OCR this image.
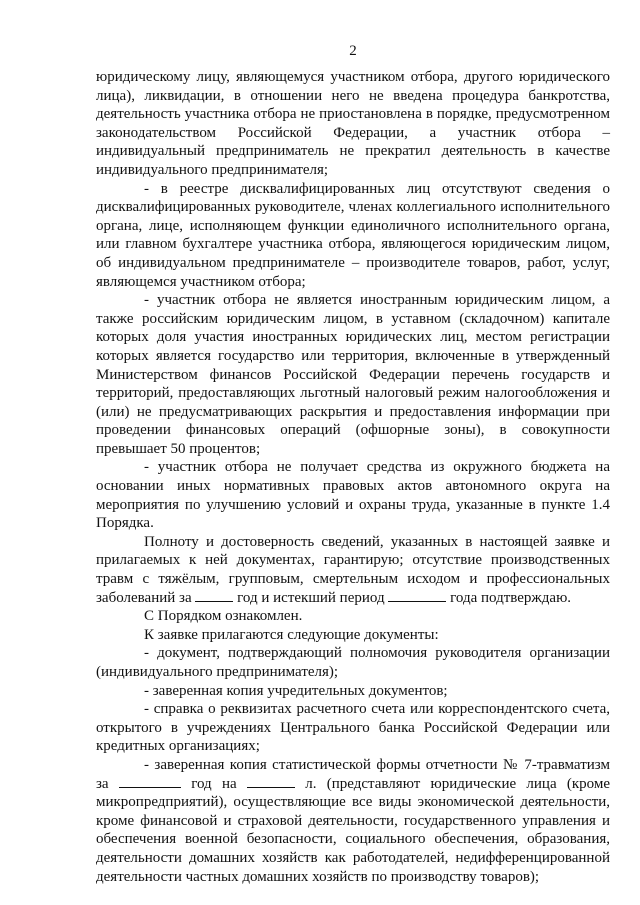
2

юридическому лицу, являющемуся участником отбора, другого юридического лица), ликвидации, в отношении него не введена процедура банкротства, деятельность участника отбора не приостановлена в порядке, предусмотренном законодательством Российской Федерации, а участник отбора – индивидуальный предприниматель не прекратил деятельность в качестве индивидуального предпринимателя;

- в реестре дисквалифицированных лиц отсутствуют сведения о дисквалифицированных руководителе, членах коллегиального исполнительного органа, лице, исполняющем функции единоличного исполнительного органа, или главном бухгалтере участника отбора, являющегося юридическим лицом, об индивидуальном предпринимателе – производителе товаров, работ, услуг, являющемся участником отбора;

- участник отбора не является иностранным юридическим лицом, а также российским юридическим лицом, в уставном (складочном) капитале которых доля участия иностранных юридических лиц, местом регистрации которых является государство или территория, включенные в утвержденный Министерством финансов Российской Федерации перечень государств и территорий, предоставляющих льготный налоговый режим налогообложения и (или) не предусматривающих раскрытия и предоставления информации при проведении финансовых операций (офшорные зоны), в совокупности превышает 50 процентов;

- участник отбора не получает средства из окружного бюджета на основании иных нормативных правовых актов автономного округа на мероприятия по улучшению условий и охраны труда, указанные в пункте 1.4 Порядка.

Полноту и достоверность сведений, указанных в настоящей заявке и прилагаемых к ней документах, гарантирую; отсутствие производственных травм с тяжёлым, групповым, смертельным исходом и профессиональных заболеваний за	год и истекший период	года подтверждаю.

С Порядком ознакомлен.

К заявке прилагаются следующие документы:

- документ, подтверждающий полномочия руководителя организации (индивидуального предпринимателя);

- заверенная копия учредительных документов;

- справка о реквизитах расчетного счета или корреспондентского счета, открытого в учреждениях Центрального банка Российской Федерации или кредитных организациях;

- заверенная копия статистической формы отчетности № 7-травматизм за	год на	л. (представляют юридические лица (кроме микропредприятий), осуществляющие все виды экономической деятельности, кроме финансовой и страховой деятельности, государственного управления и обеспечения военной безопасности, социального обеспечения, образования, деятельности домашних хозяйств как работодателей, недифференцированной деятельности частных домашних хозяйств по производству товаров);
